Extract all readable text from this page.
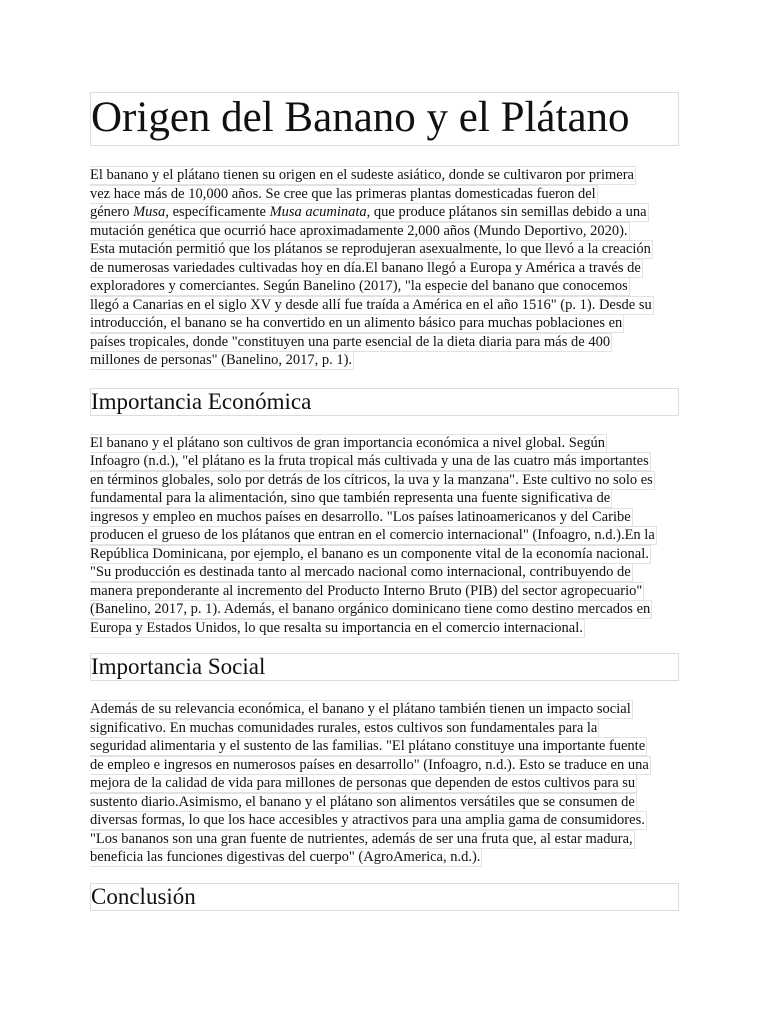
Origen del Banano y el Plátano
El banano y el plátano tienen su origen en el sudeste asiático, donde se cultivaron por primera
vez hace más de 10,000 años. Se cree que las primeras plantas domesticadas fueron del
género Musa, específicamente Musa acuminata, que produce plátanos sin semillas debido a una
mutación genética que ocurrió hace aproximadamente 2,000 años (Mundo Deportivo, 2020).
Esta mutación permitió que los plátanos se reprodujeran asexualmente, lo que llevó a la creación
de numerosas variedades cultivadas hoy en día.El banano llegó a Europa y América a través de
exploradores y comerciantes. Según Banelino (2017), "la especie del banano que conocemos
llegó a Canarias en el siglo XV y desde allí fue traída a América en el año 1516" (p. 1). Desde su
introducción, el banano se ha convertido en un alimento básico para muchas poblaciones en
países tropicales, donde "constituyen una parte esencial de la dieta diaria para más de 400
millones de personas" (Banelino, 2017, p. 1).
Importancia Económica
El banano y el plátano son cultivos de gran importancia económica a nivel global. Según
Infoagro (n.d.), "el plátano es la fruta tropical más cultivada y una de las cuatro más importantes
en términos globales, solo por detrás de los cítricos, la uva y la manzana". Este cultivo no solo es
fundamental para la alimentación, sino que también representa una fuente significativa de
ingresos y empleo en muchos países en desarrollo. "Los países latinoamericanos y del Caribe
producen el grueso de los plátanos que entran en el comercio internacional" (Infoagro, n.d.).En la
República Dominicana, por ejemplo, el banano es un componente vital de la economía nacional.
"Su producción es destinada tanto al mercado nacional como internacional, contribuyendo de
manera preponderante al incremento del Producto Interno Bruto (PIB) del sector agropecuario"
(Banelino, 2017, p. 1). Además, el banano orgánico dominicano tiene como destino mercados en
Europa y Estados Unidos, lo que resalta su importancia en el comercio internacional.
Importancia Social
Además de su relevancia económica, el banano y el plátano también tienen un impacto social
significativo. En muchas comunidades rurales, estos cultivos son fundamentales para la
seguridad alimentaria y el sustento de las familias. "El plátano constituye una importante fuente
de empleo e ingresos en numerosos países en desarrollo" (Infoagro, n.d.). Esto se traduce en una
mejora de la calidad de vida para millones de personas que dependen de estos cultivos para su
sustento diario.Asimismo, el banano y el plátano son alimentos versátiles que se consumen de
diversas formas, lo que los hace accesibles y atractivos para una amplia gama de consumidores.
"Los bananos son una gran fuente de nutrientes, además de ser una fruta que, al estar madura,
beneficia las funciones digestivas del cuerpo" (AgroAmerica, n.d.).
Conclusión
